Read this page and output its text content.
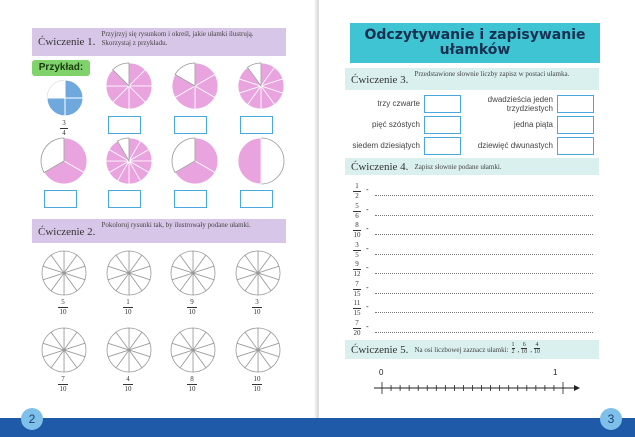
Ćwiczenie 1.
Przyjrzyj się rysunkom i określ, jakie ułamki ilustrują. Skorzystaj z przykładu.
Przykład:
3
4
Ćwiczenie 2.
Pokoloruj rysunki tak, by ilustrowały podane ułamki.
5
10
1
10
9
10
3
10
7
10
4
10
8
10
10
10
Odczytywanie i zapisywanie ułamków
Ćwiczenie 3. Przedstawione słownie liczby zapisz w postaci ułamka.
trzy czwarte
pięć szóstych
siedem dziesiątych
dwadzieścia jeden trzydziestych
jedna piąta
dziewięć dwunastych
Ćwiczenie 4. Zapisz słownie podane ułamki.
1
2
-
5
6
-
8
10
-
3
5
-
9
12
-
7
15
-
11
15
-
7
20
-
Ćwiczenie 5. Na osi liczbowej zaznacz ułamki:
1
2 ,
6
10 ,
4
10
0	1
2	3
